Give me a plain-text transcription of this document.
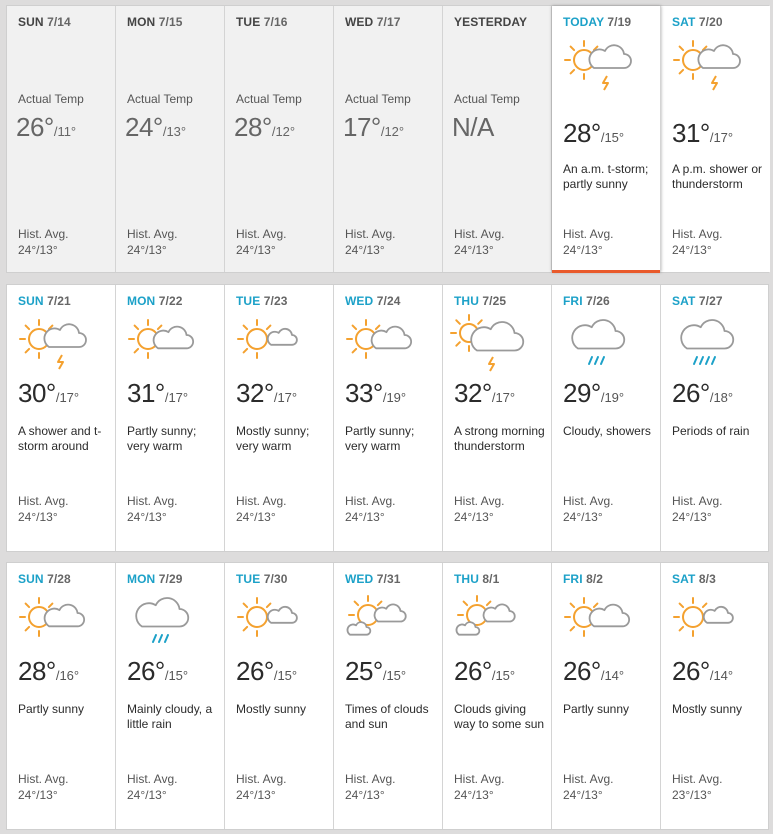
SUN 7/14
Actual Temp
26°/11°
Hist. Avg.
24°/13°
MON 7/15
Actual Temp
24°/13°
Hist. Avg.
24°/13°
TUE 7/16
Actual Temp
28°/12°
Hist. Avg.
24°/13°
WED 7/17
Actual Temp
17°/12°
Hist. Avg.
24°/13°
YESTERDAY
Actual Temp
N/A
Hist. Avg.
24°/13°
TODAY 7/19
28°/15°
An a.m. t-storm; partly sunny
Hist. Avg.
24°/13°
SAT 7/20
31°/17°
A p.m. shower or thunderstorm
Hist. Avg.
24°/13°
SUN 7/21
30°/17°
A shower and t-storm around
Hist. Avg.
24°/13°
MON 7/22
31°/17°
Partly sunny; very warm
Hist. Avg.
24°/13°
TUE 7/23
32°/17°
Mostly sunny; very warm
Hist. Avg.
24°/13°
WED 7/24
33°/19°
Partly sunny; very warm
Hist. Avg.
24°/13°
THU 7/25
32°/17°
A strong morning thunderstorm
Hist. Avg.
24°/13°
FRI 7/26
29°/19°
Cloudy, showers
Hist. Avg.
24°/13°
SAT 7/27
26°/18°
Periods of rain
Hist. Avg.
24°/13°
SUN 7/28
28°/16°
Partly sunny
Hist. Avg.
24°/13°
MON 7/29
26°/15°
Mainly cloudy, a little rain
Hist. Avg.
24°/13°
TUE 7/30
26°/15°
Mostly sunny
Hist. Avg.
24°/13°
WED 7/31
25°/15°
Times of clouds and sun
Hist. Avg.
24°/13°
THU 8/1
26°/15°
Clouds giving way to some sun
Hist. Avg.
24°/13°
FRI 8/2
26°/14°
Partly sunny
Hist. Avg.
24°/13°
SAT 8/3
26°/14°
Mostly sunny
Hist. Avg.
23°/13°
